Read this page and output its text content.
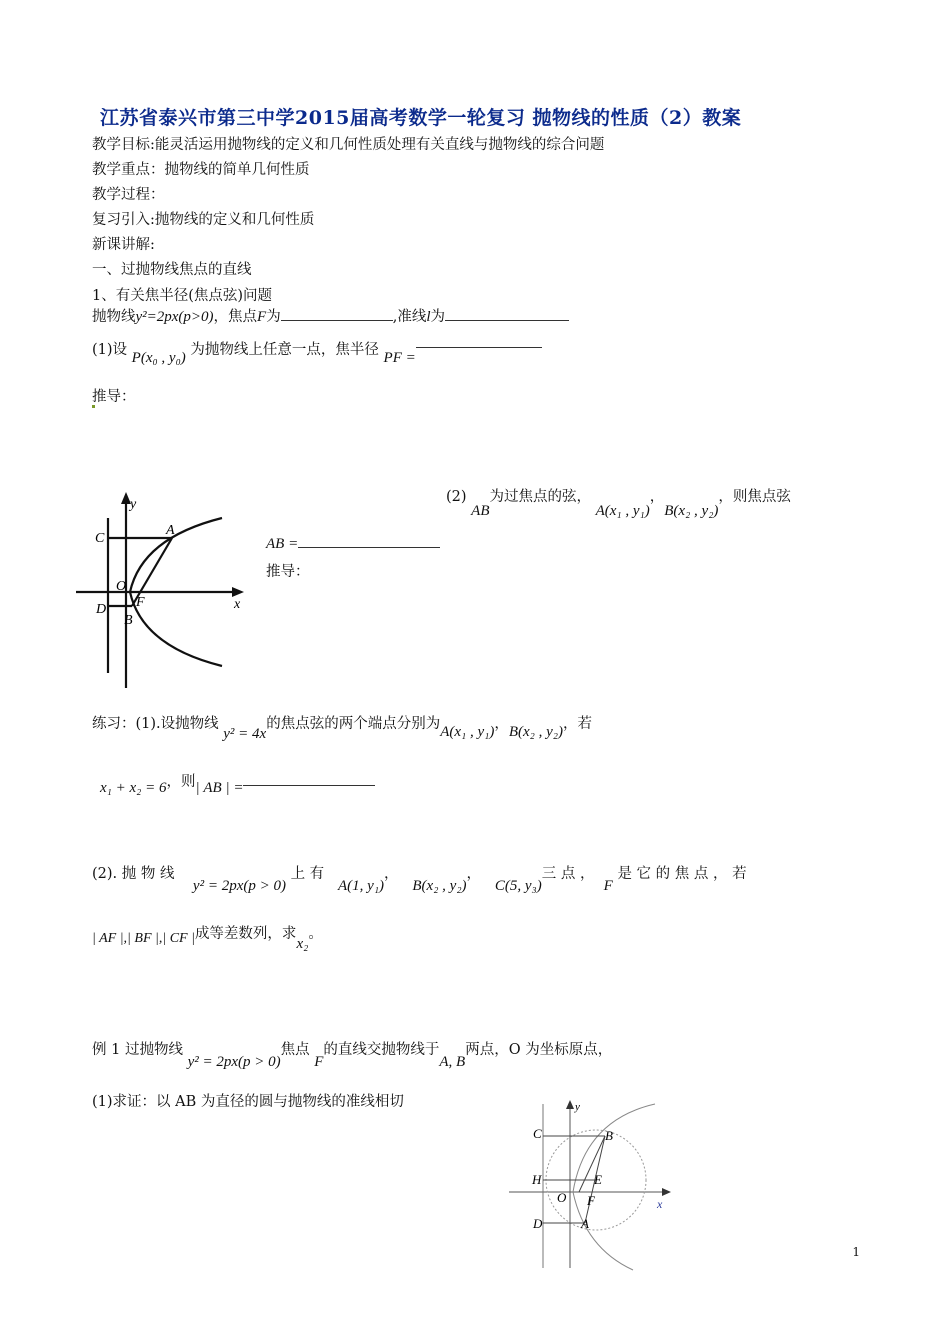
江苏省泰兴市第三中学2015届高考数学一轮复习 抛物线的性质（2）教案
教学目标:能灵活运用抛物线的定义和几何性质处理有关直线与抛物线的综合问题
教学重点：抛物线的简单几何性质
教学过程：
复习引入:抛物线的定义和几何性质
新课讲解:
一、过抛物线焦点的直线
1、有关焦半径(焦点弦)问题
抛物线y²=2px(p>0)，焦点F为	,准线l为
(1)设 P(x₀ , y₀) 为抛物线上任意一点，焦半径 PF =
推导：
y
x
C
A
O
F
D
B
(2) AB为过焦点的弦， A(x₁ , y₁)，B(x₂ , y₂)，则焦点弦
AB =
推导：
练习：(1).设抛物线 y² = 4x的焦点弦的两个端点分别为A(x₁ , y₁)，B(x₂ , y₂)，若
x₁ + x₂ = 6，则| AB | =
(2). 抛 物 线    y² = 2px(p > 0) 上 有   A(1, y₁)，   B(x₂ , y₂)，   C(5, y₃)三 点 ，  F 是 它 的 焦 点 ， 若
| AF |,| BF |,| CF |成等差数列，求x₂。
例 1 过抛物线 y² = 2px(p > 0)焦点 F的直线交抛物线于A, B两点，O 为坐标原点，
(1)求证：以 AB 为直径的圆与抛物线的准线相切	y
x
C	B
H	E
O F
D	A
1
